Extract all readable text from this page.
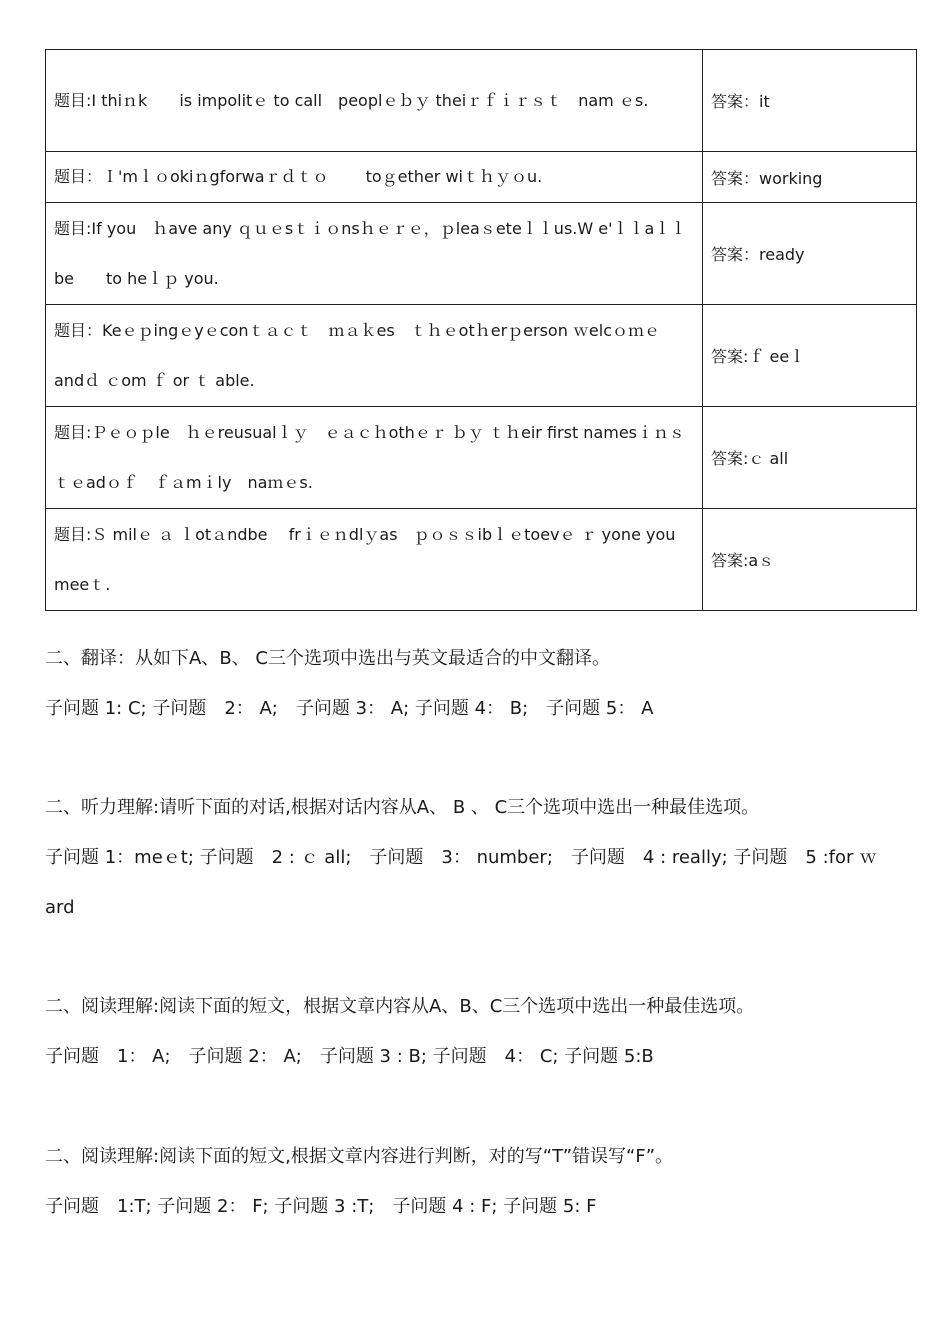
题目:I thiｎk　　is impolitｅ to call　peoplｅｂｙ theiｒｆｉｒｓｔ　nam ｅs.	答案：it
题目：Ｉ'mｌｏokiｎgforwaｒｄｔｏ　　 toｇether wiｔｈｙｏu.	答案：working
题目:If you　ｈave any ｑｕｅsｔｉｏnsｈｅｒｅ，ｐleaｓeteｌｌus.W e'ｌｌaｌｌbe　　to heｌｐ you.	答案：ready
题目：Keｅｐingｅyｅconｔａｃｔ　ｍａｋes　ｔｈｅotｈerｐerson ｗelcｏｍｅ andｄ ｃom ｆ or ｔ able.	答案:ｆ eeｌ
题目:Ｐｅｏｐle　ｈｅreusualｌｙ　ｅａｃｈothｅｒ ｂｙ ｔｈeir first namesｉｎｓｔｅadｏｆ　ｆａmｉly　naｍｅs.	答案:ｃ all
题目:Ｓ milｅ ａ ｌotａndbe　 frｉｅｎdlｙas　ｐｏｓｓibｌｅtoevｅ ｒ yone you meeｔ.	答案:aｓ
二、翻译：从如下A、B、 C三个选项中选出与英文最适合的中文翻译。
子问题 1: C; 子问题　2： A;　子问题 3： A; 子问题 4： B;　子问题 5： A
二、听力理解:请听下面的对话,根据对话内容从A、 B 、 C三个选项中选出一种最佳选项。
子问题 1：meｅt; 子问题　2 : ｃ all;　子问题　3： number;　子问题　4 : really; 子问题　5 :for ｗard
二、阅读理解:阅读下面的短文，根据文章内容从A、B、C三个选项中选出一种最佳选项。
子问题　1： A;　子问题 2： A;　子问题 3 : B; 子问题　4： C; 子问题 5:B
二、阅读理解:阅读下面的短文,根据文章内容进行判断，对的写“T”错误写“F”。
子问题　1:T; 子问题 2： F; 子问题 3 :T;　子问题 4 : F; 子问题 5: F
